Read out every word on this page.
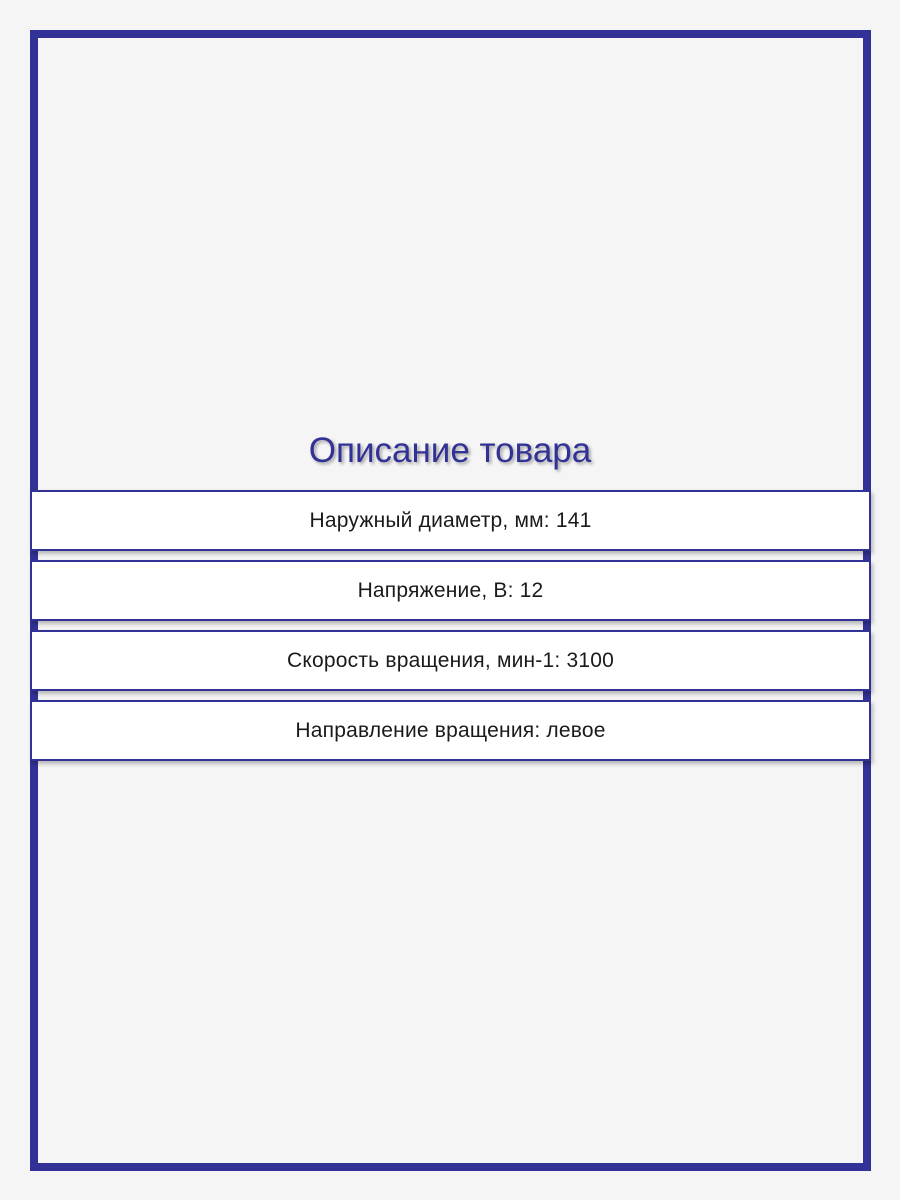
Описание товара
Наружный диаметр, мм: 141
Напряжение, В: 12
Скорость вращения, мин-1: 3100
Направление вращения: левое
